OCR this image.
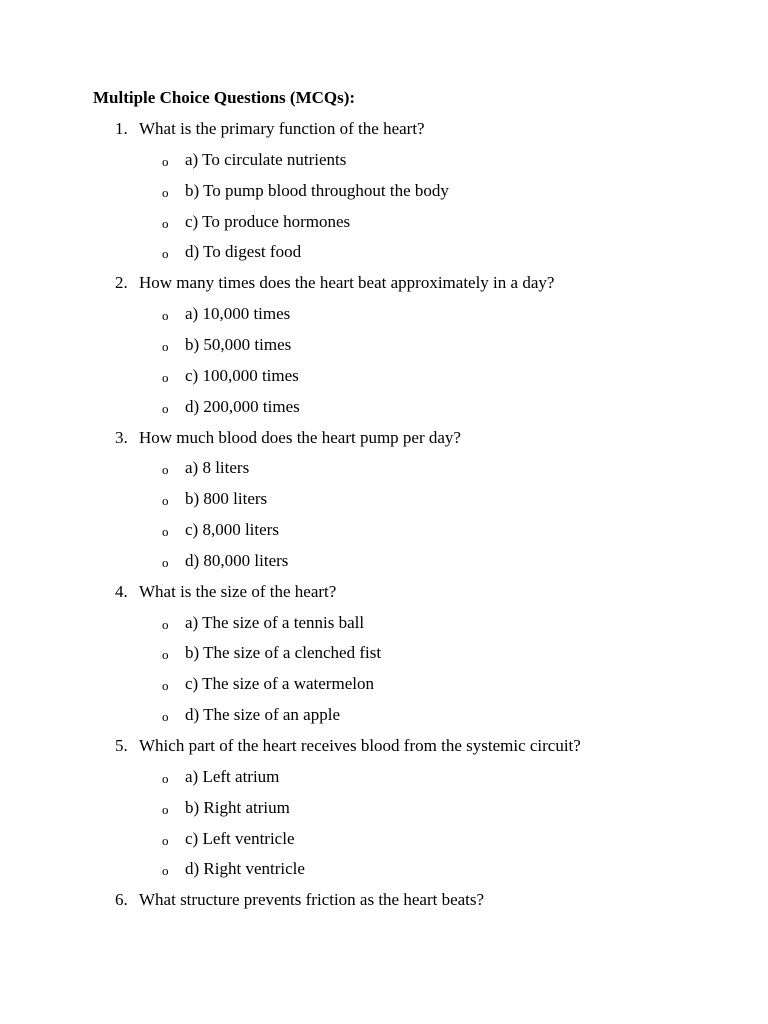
Multiple Choice Questions (MCQs):
1. What is the primary function of the heart?
o a) To circulate nutrients
o b) To pump blood throughout the body
o c) To produce hormones
o d) To digest food
2. How many times does the heart beat approximately in a day?
o a) 10,000 times
o b) 50,000 times
o c) 100,000 times
o d) 200,000 times
3. How much blood does the heart pump per day?
o a) 8 liters
o b) 800 liters
o c) 8,000 liters
o d) 80,000 liters
4. What is the size of the heart?
o a) The size of a tennis ball
o b) The size of a clenched fist
o c) The size of a watermelon
o d) The size of an apple
5. Which part of the heart receives blood from the systemic circuit?
o a) Left atrium
o b) Right atrium
o c) Left ventricle
o d) Right ventricle
6. What structure prevents friction as the heart beats?
